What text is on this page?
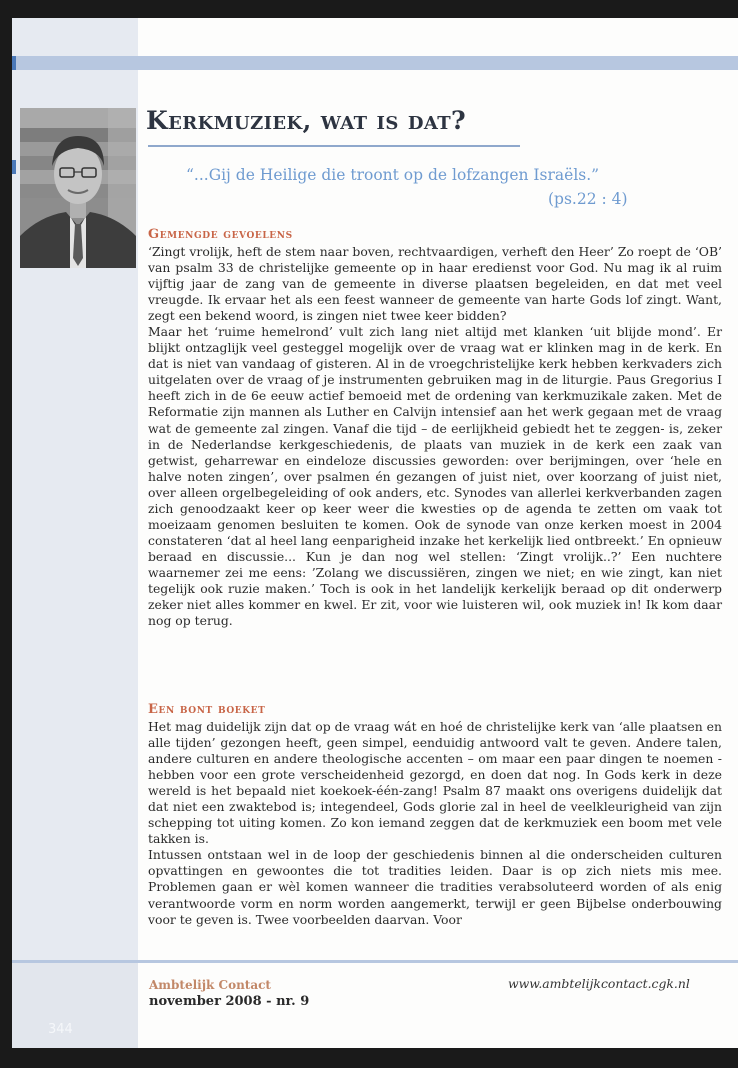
Kerkmuziek, wat is dat?

“...Gij de Heilige die troont op de lofzangen Israëls.”

(ps.22 : 4)

Gemengde gevoelens

‘Zingt vrolijk, heft de stem naar boven, rechtvaardigen, verheft den Heer’ Zo roept de ‘OB’ van psalm 33 de christelijke gemeente op in haar eredienst voor God. Nu mag ik al ruim vijftig jaar de zang van de gemeente in diverse plaatsen begeleiden, en dat met veel vreugde. Ik ervaar het als een feest wanneer de gemeente van harte Gods lof zingt. Want, zegt een bekend woord, is zingen niet twee keer bidden?

Maar het ‘ruime hemelrond’ vult zich lang niet altijd met klanken ‘uit blijde mond’. Er blijkt ontzaglijk veel gesteggel mogelijk over de vraag wat er klinken mag in de kerk. En dat is niet van vandaag of gisteren. Al in de vroegchristelijke kerk hebben kerkvaders zich uitgelaten over de vraag of je instrumenten gebruiken mag in de liturgie. Paus Gregorius I heeft zich in de 6e eeuw actief bemoeid met de ordening van kerkmuzikale zaken. Met de Reformatie zijn mannen als Luther en Calvijn intensief aan het werk gegaan met de vraag wat de gemeente zal zingen. Vanaf die tijd – de eerlijkheid gebiedt het te zeggen- is, zeker in de Nederlandse kerkgeschiedenis, de plaats van muziek in de kerk een zaak van getwist, geharrewar en eindeloze discussies geworden: over berijmingen, over ‘hele en halve noten zingen’, over psalmen én gezangen of juist niet, over koorzang of juist niet, over alleen orgelbegeleiding of ook anders, etc. Synodes van allerlei kerkverbanden zagen zich genoodzaakt keer op keer weer die kwesties op de agenda te zetten om vaak tot moeizaam genomen besluiten te komen. Ook de synode van onze kerken moest in 2004 constateren ‘dat al heel lang eenparigheid inzake het kerkelijk lied ontbreekt.’ En opnieuw beraad en discussie... Kun je dan nog wel stellen: ‘Zingt vrolijk..?’ Een nuchtere waarnemer zei me eens: ’Zolang we discussiëren, zingen we niet; en wie zingt, kan niet tegelijk ook ruzie maken.’ Toch is ook in het landelijk kerkelijk beraad op dit onderwerp zeker niet alles kommer en kwel. Er zit, voor wie luisteren wil, ook muziek in! Ik kom daar nog op terug.

Een bont boeket

Het mag duidelijk zijn dat op de vraag wát en hoé de christelijke kerk van ‘alle plaatsen en alle tijden’ gezongen heeft, geen simpel, eenduidig antwoord valt te geven. Andere talen, andere culturen en andere theologische accenten – om maar een paar dingen te noemen - hebben voor een grote verscheidenheid gezorgd, en doen dat nog. In Gods kerk in deze wereld is het bepaald niet koekoek-één-zang! Psalm 87 maakt ons overigens duidelijk dat dat niet een zwaktebod is; integendeel, Gods glorie zal in heel de veelkleurigheid van zijn schepping tot uiting komen. Zo kon iemand zeggen dat de kerkmuziek een boom met vele takken is.

Intussen ontstaan wel in de loop der geschiedenis binnen al die onderscheiden culturen opvattingen en gewoontes die tot tradities leiden. Daar is op zich niets mis mee. Problemen gaan er wèl komen wanneer die tradities verabsoluteerd worden of als enig verantwoorde vorm en norm worden aangemerkt, terwijl er geen Bijbelse onderbouwing voor te geven is. Twee voorbeelden daarvan. Voor

344
Ambtelijk Contact
november 2008 - nr. 9
www.ambtelijkcontact.cgk.nl
